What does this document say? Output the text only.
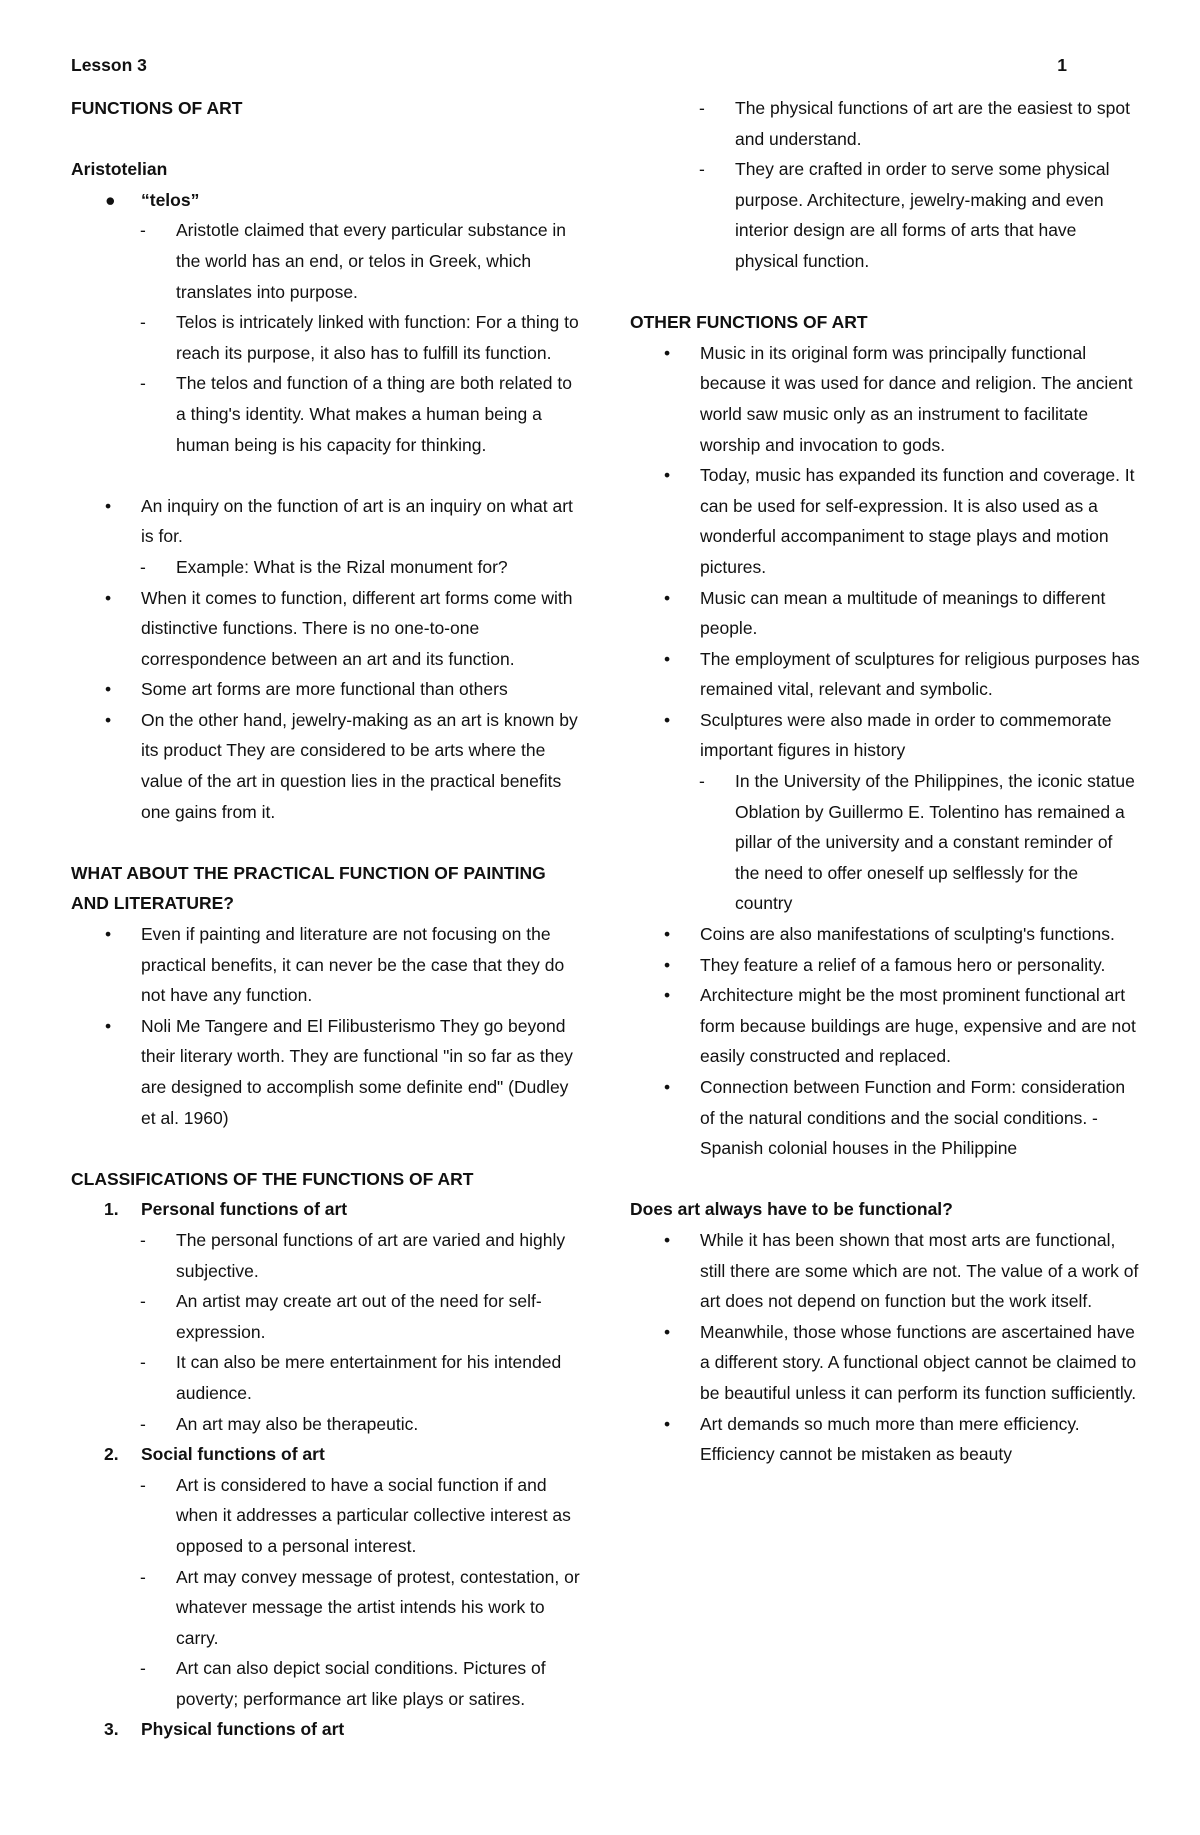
Lesson 3	1

FUNCTIONS OF ART

Aristotelian

● “telos”
- Aristotle claimed that every particular substance in the world has an end, or telos in Greek, which translates into purpose.
- Telos is intricately linked with function: For a thing to reach its purpose, it also has to fulfill its function.
- The telos and function of a thing are both related to a thing's identity. What makes a human being a human being is his capacity for thinking.
• An inquiry on the function of art is an inquiry on what art is for.
- Example: What is the Rizal monument for?
• When it comes to function, different art forms come with distinctive functions. There is no one-to-one correspondence between an art and its function.
• Some art forms are more functional than others
• On the other hand, jewelry-making as an art is known by its product They are considered to be arts where the value of the art in question lies in the practical benefits one gains from it.

WHAT ABOUT THE PRACTICAL FUNCTION OF PAINTING AND LITERATURE?

• Even if painting and literature are not focusing on the practical benefits, it can never be the case that they do not have any function.
• Noli Me Tangere and El Filibusterismo They go beyond their literary worth. They are functional "in so far as they are designed to accomplish some definite end" (Dudley et al. 1960)

CLASSIFICATIONS OF THE FUNCTIONS OF ART

1. Personal functions of art
- The personal functions of art are varied and highly subjective.
- An artist may create art out of the need for self-expression.
- It can also be mere entertainment for his intended audience.
- An art may also be therapeutic.
2. Social functions of art
- Art is considered to have a social function if and when it addresses a particular collective interest as opposed to a personal interest.
- Art may convey message of protest, contestation, or whatever message the artist intends his work to carry.
- Art can also depict social conditions. Pictures of poverty; performance art like plays or satires.
3. Physical functions of art
- The physical functions of art are the easiest to spot and understand.
- They are crafted in order to serve some physical purpose. Architecture, jewelry-making and even interior design are all forms of arts that have physical function.

OTHER FUNCTIONS OF ART

• Music in its original form was principally functional because it was used for dance and religion. The ancient world saw music only as an instrument to facilitate worship and invocation to gods.
• Today, music has expanded its function and coverage. It can be used for self-expression. It is also used as a wonderful accompaniment to stage plays and motion pictures.
• Music can mean a multitude of meanings to different people.
• The employment of sculptures for religious purposes has remained vital, relevant and symbolic.
• Sculptures were also made in order to commemorate important figures in history
- In the University of the Philippines, the iconic statue Oblation by Guillermo E. Tolentino has remained a pillar of the university and a constant reminder of the need to offer oneself up selflessly for the country
• Coins are also manifestations of sculpting's functions.
• They feature a relief of a famous hero or personality.
• Architecture might be the most prominent functional art form because buildings are huge, expensive and are not easily constructed and replaced.
• Connection between Function and Form: consideration of the natural conditions and the social conditions. - Spanish colonial houses in the Philippine

Does art always have to be functional?

• While it has been shown that most arts are functional, still there are some which are not. The value of a work of art does not depend on function but the work itself.
• Meanwhile, those whose functions are ascertained have a different story. A functional object cannot be claimed to be beautiful unless it can perform its function sufficiently.
• Art demands so much more than mere efficiency. Efficiency cannot be mistaken as beauty
